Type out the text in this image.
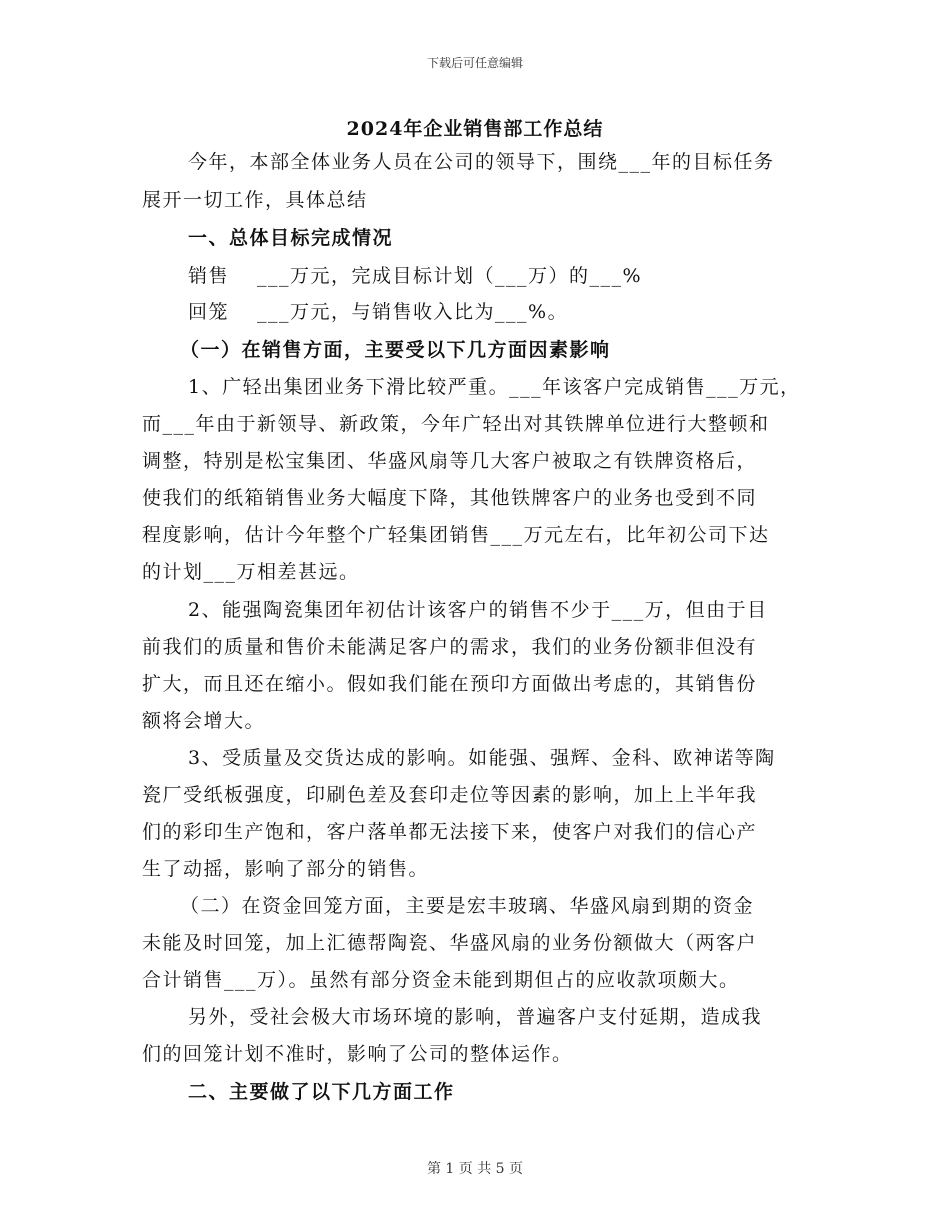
下载后可任意编辑
2024年企业销售部工作总结
今年，本部全体业务人员在公司的领导下，围绕___年的目标任务
展开一切工作，具体总结
一、总体目标完成情况
销售　 ___万元，完成目标计划（___万）的___%
回笼　 ___万元，与销售收入比为___%。
（一）在销售方面，主要受以下几方面因素影响
1、广轻出集团业务下滑比较严重。___年该客户完成销售___万元，
而___年由于新领导、新政策，今年广轻出对其铁牌单位进行大整顿和
调整，特别是松宝集团、华盛风扇等几大客户被取之有铁牌资格后，
使我们的纸箱销售业务大幅度下降，其他铁牌客户的业务也受到不同
程度影响，估计今年整个广轻集团销售___万元左右，比年初公司下达
的计划___万相差甚远。
2、能强陶瓷集团年初估计该客户的销售不少于___万，但由于目
前我们的质量和售价未能满足客户的需求，我们的业务份额非但没有
扩大，而且还在缩小。假如我们能在预印方面做出考虑的，其销售份
额将会增大。
3、受质量及交货达成的影响。如能强、强辉、金科、欧神诺等陶
瓷厂受纸板强度，印刷色差及套印走位等因素的影响，加上上半年我
们的彩印生产饱和，客户落单都无法接下来，使客户对我们的信心产
生了动摇，影响了部分的销售。
（二）在资金回笼方面，主要是宏丰玻璃、华盛风扇到期的资金
未能及时回笼，加上汇德帮陶瓷、华盛风扇的业务份额做大（两客户
合计销售___万）。虽然有部分资金未能到期但占的应收款项颇大。
另外，受社会极大市场环境的影响，普遍客户支付延期，造成我
们的回笼计划不准时，影响了公司的整体运作。
二、主要做了以下几方面工作
第 1 页 共 5 页
